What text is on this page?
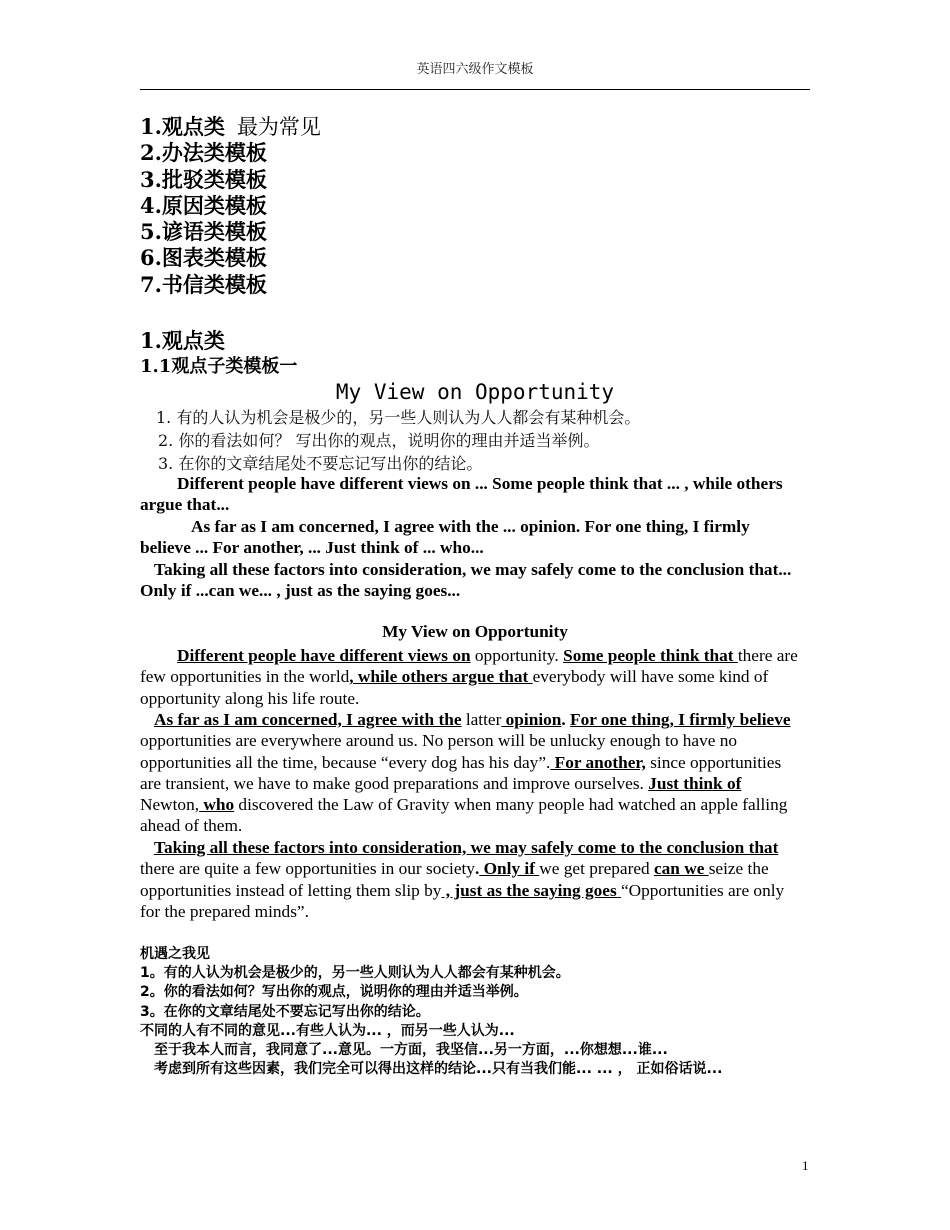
英语四六级作文模板
1.观点类 最为常见
2.办法类模板
3.批驳类模板
4.原因类模板
5.谚语类模板
6.图表类模板
7.书信类模板
1.观点类
1.1观点子类模板一
My View on Opportunity
1. 有的人认为机会是极少的，另一些人则认为人人都会有某种机会。
2. 你的看法如何？ 写出你的观点，说明你的理由并适当举例。
3. 在你的文章结尾处不要忘记写出你的结论。
Different people have different views on ... Some people think that ... , while others argue that...
As far as I am concerned, I agree with the ... opinion. For one thing, I firmly believe ... For another, ... Just think of ... who...
Taking all these factors into consideration, we may safely come to the conclusion that... Only if ...can we... , just as the saying goes...
My View on Opportunity
Different people have different views on opportunity. Some people think that there are few opportunities in the world, while others argue that everybody will have some kind of opportunity along his life route.
As far as I am concerned, I agree with the latter opinion. For one thing, I firmly believe opportunities are everywhere around us. No person will be unlucky enough to have no opportunities all the time, because “every dog has his day”. For another, since opportunities are transient, we have to make good preparations and improve ourselves. Just think of Newton, who discovered the Law of Gravity when many people had watched an apple falling ahead of them.
Taking all these factors into consideration, we may safely come to the conclusion that there are quite a few opportunities in our society. Only if we get prepared can we seize the opportunities instead of letting them slip by , just as the saying goes “Opportunities are only for the prepared minds”.
机遇之我见
1。有的人认为机会是极少的，另一些人则认为人人都会有某种机会。
2。你的看法如何？写出你的观点，说明你的理由并适当举例。
3。在你的文章结尾处不要忘记写出你的结论。
不同的人有不同的意见...有些人认为... ，而另一些人认为...
至于我本人而言，我同意了...意见。一方面，我坚信...另一方面，...你想想...谁...
考虑到所有这些因素，我们完全可以得出这样的结论...只有当我们能... ... ， 正如俗话说...
1
